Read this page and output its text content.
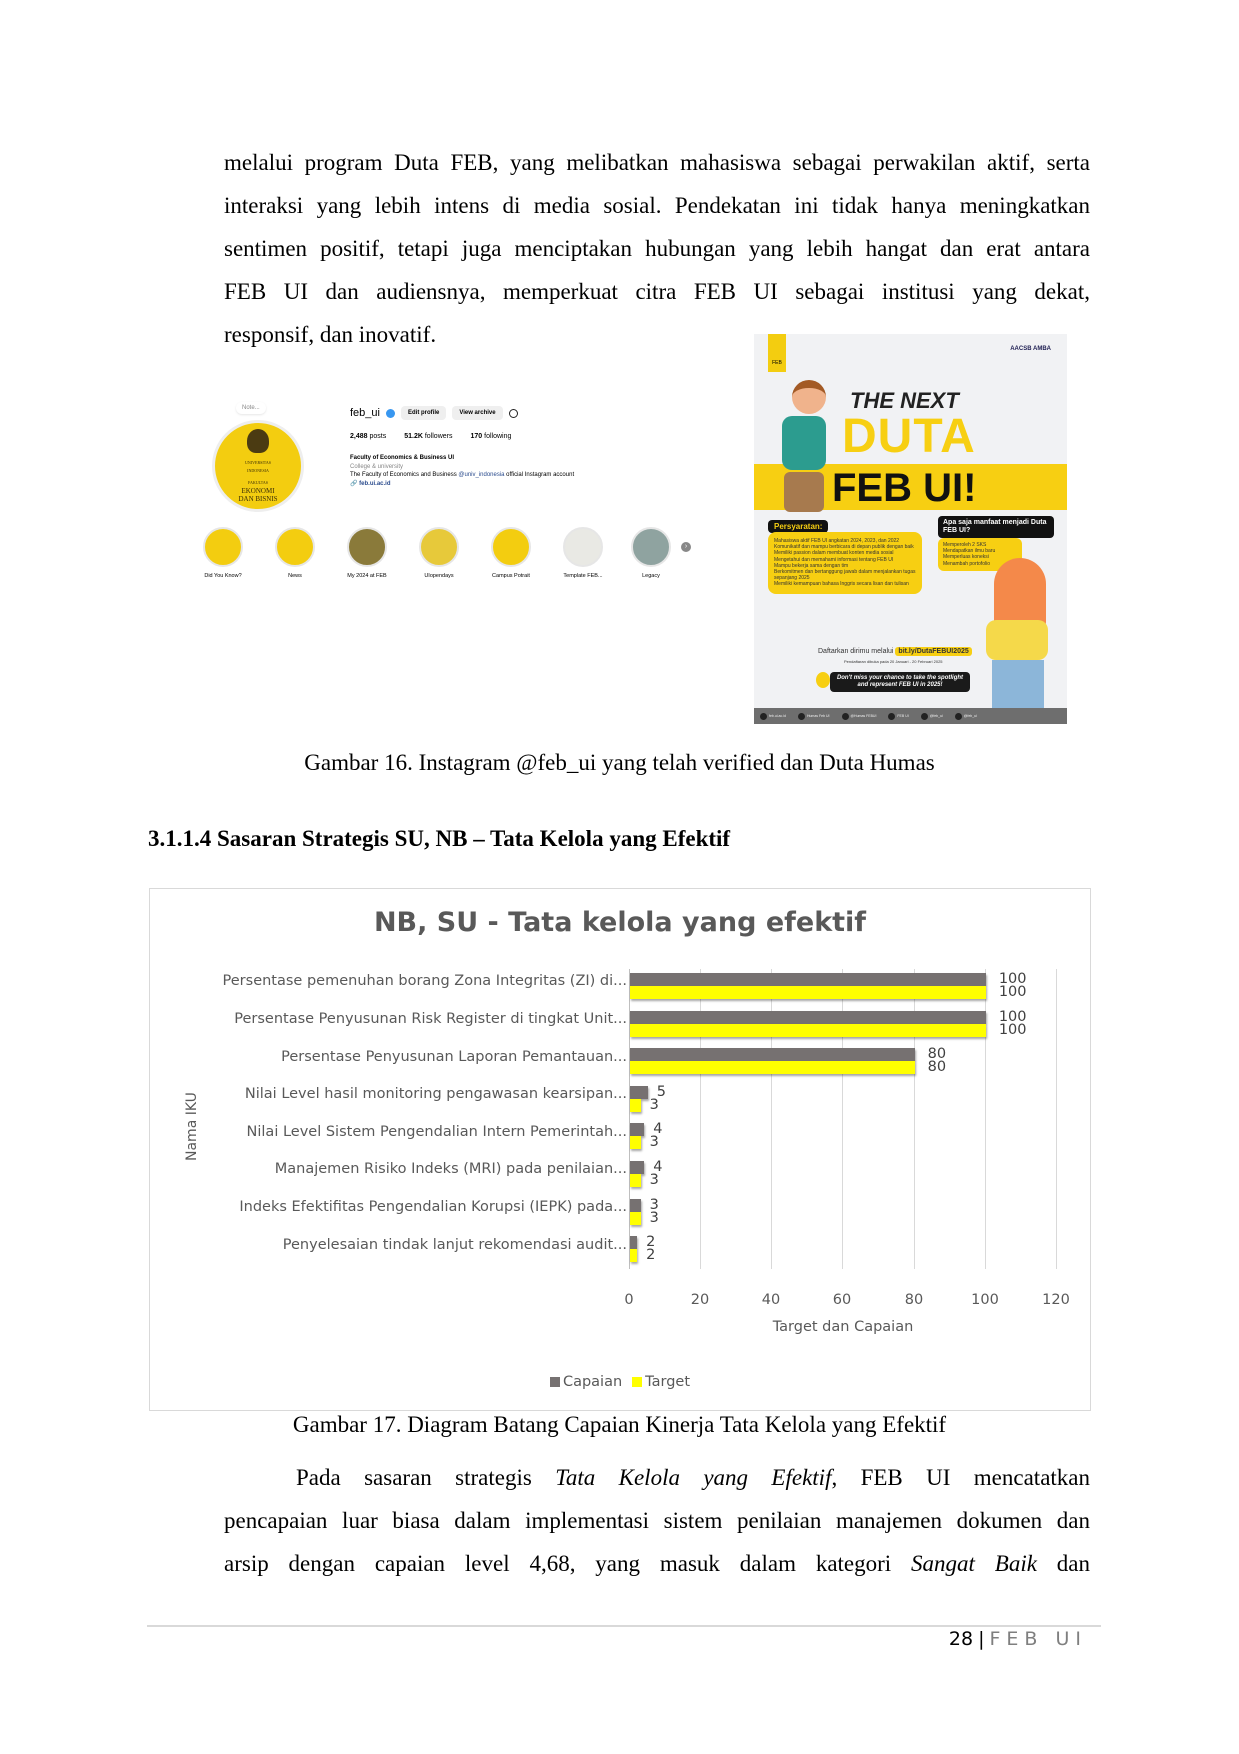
melalui program Duta FEB, yang melibatkan mahasiswa sebagai perwakilan aktif, serta
interaksi yang lebih intens di media sosial. Pendekatan ini tidak hanya meningkatkan
sentimen positif, tetapi juga menciptakan hubungan yang lebih hangat dan erat antara
FEB UI dan audiensnya, memperkuat citra FEB UI sebagai institusi yang dekat,
responsif, dan inovatif.
UNIVERSITAS
INDONESIA
FAKULTAS
EKONOMI
DAN BISNIS
Note...	feb_ui	Edit profile	View archive
2,488 posts	51.2K followers	170 following
Faculty of Economics & Business UI
College & university
The Faculty of Economics and Business @univ_indonesia official Instagram account
🔗 feb.ui.ac.id
Did You Know?	News	My 2024 at FEB	UIopendays	Campus Potrait	Template FEB...	Legacy
›
FEB
AACSB AMBA
THE NEXT
DUTA
FEB UI!
Persyaratan:
Mahasiswa aktif FEB UI angkatan 2024, 2023, dan 2022
Komunikatif dan mampu berbicara di depan publik dengan baik
Memiliki passion dalam membuat konten media sosial
Mengetahui dan memahami informasi tentang FEB UI
Mampu bekerja sama dengan tim
Berkomitmen dan bertanggung jawab dalam menjalankan tugas sepanjang 2025
Memiliki kemampuan bahasa Inggris secara lisan dan tulisan
Apa saja manfaat menjadi Duta FEB UI?
Memperoleh 2 SKS
Mendapatkan ilmu baru
Memperluas koneksi
Menambah portofolio
Daftarkan dirimu melalui bit.ly/DutaFEBUI2025
Pendaftaran dibuka pada 20 Januari - 20 Februari 2025
Don't miss your chance to take the spotlight and represent FEB UI in 2025!
feb.ui.ac.id	Humas Feb UI	@Humas FEBUI	FEB UI	@feb_ui	@feb_ui
Gambar 16. Instagram @feb_ui yang telah verified dan Duta Humas
3.1.1.4 Sasaran Strategis SU, NB – Tata Kelola yang Efektif
NB, SU - Tata kelola yang efektif
Nama IKU
Persentase pemenuhan borang Zona Integritas (ZI) di...
Persentase Penyusunan Risk Register di tingkat Unit...
Persentase Penyusunan Laporan Pemantauan...
Nilai Level hasil monitoring pengawasan kearsipan...
Nilai Level Sistem Pengendalian Intern Pemerintah...
Manajemen Risiko Indeks (MRI) pada penilaian...
Indeks Efektifitas Pengendalian Korupsi (IEPK) pada...
Penyelesaian tindak lanjut rekomendasi audit...
100
100
100
100
80
80
5
3
4
3
4
3
3
3
2
2
0	20	40	60	80	100	120
Target dan Capaian
Capaian Target
Gambar 17. Diagram Batang Capaian Kinerja Tata Kelola yang Efektif
Pada sasaran strategis Tata Kelola yang Efektif, FEB UI mencatatkan
pencapaian luar biasa dalam implementasi sistem penilaian manajemen dokumen dan
arsip dengan capaian level 4,68, yang masuk dalam kategori Sangat Baik dan
28 | FEB UI
